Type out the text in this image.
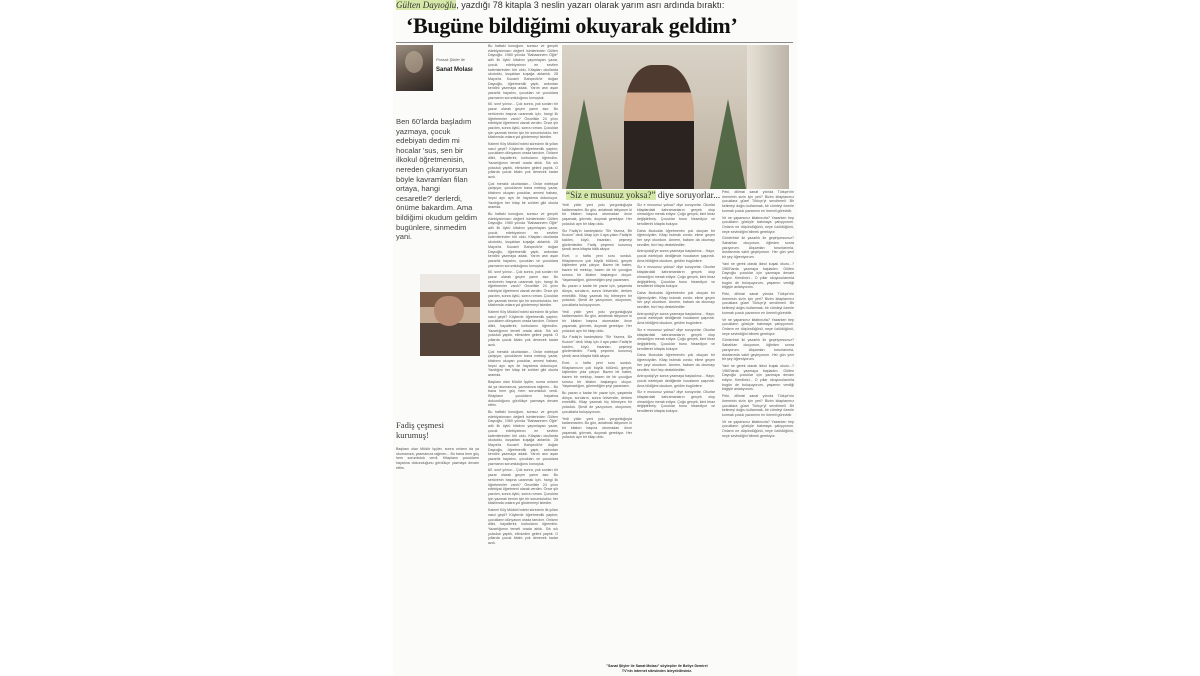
Gülten Dayıoğlu, yazdığı 78 kitapla 3 neslin yazarı olarak yarım asrı ardında bıraktı:
‘Bugüne bildiğimi okuyarak geldim’
Pomak Şiirler ile
Sanat Molası
Ben 60'larda başladım yazmaya, çocuk edebiyatı dedim mi hocalar 'sus, sen bir ilkokul öğretmenisin, nereden çıkarıyorsun böyle kavramları filan ortaya, hangi cesaretle?' derlerdi, önüme bakardım. Ama bildiğimi okudum geldim bugünlere, sinmedim yani.
Fadiş çeşmesi kurumuş!
Başkanı olan Müdür İşçiler, sonra onların da ya okumanıza, yazmanıza rağmen... Bu bana hem güç hem sorumluluk verdi. Kitapların çocukların hayatına dokunduğunu gördükçe yazmaya devam ettim.

Bu haftaki konuğum, sonsuz ve gerçek edebiyatımızın değerli isimlerinden Gülten Dayıoğlu. 1960 yılında "Babaannem Öğle" adlı ilk öykü kitabını yayımlayan yazar, çocuk edebiyatının en sevilen kalemlerinden biri oldu. Kitapları okullarda okutuldu, kuşaktan kuşağa aktarıldı. 28 Mayıs'ta Kocaeli Bahçecik'te doğan Dayıoğlu, öğretmenlik yaptı, ardından kendini yazmaya adadı. Yarım asrı aşan yazarlık hayatını, çocukları ve çocuklara yazmanın sorumluluğunu konuştuk.

60. sınıf yılınız... Çok sonra, yok sonları bir yazar olarak geçen yarım asır. Bu serüvenin başına uzanmak için, hangi ilk öğretmenler vardı? Öncelikle 24 yılını edebiyat öğretmeni olarak verdim. Önce şiir yazdım, sonra öykü, sonra roman. Çocuklar için yazmak benim için bir sorumluluktu; her kitabımda onlara yol göstermeyi istedim.

Kalemi Köy Müdürü'ndeki sürecinin ilk yılları nasıl geçti? Köylerde öğretmenlik yaptım; çocukların dünyasını orada tanıdım. Onların dilini, hayallerini, korkularını öğrendim. Yazarlığımın temeli orada atıldı. Sık sık yolculuk yaptık, elimizden geleni yaptık. O yıllarda çocuk kitabı yok denecek kadar azdı.

Çok meraklı okurlardan... Onlar edebiyat çalışıyor, çocuklarım bana mektup yazar, kitabımı okuyan çocuklar, annesi babası, hepsi ayrı ayrı ile hayatıma dokunuyor. Yazdığım her kitap bir sohbet gibi okurla aramda.

Bu haftaki konuğum, sonsuz ve gerçek edebiyatımızın değerli isimlerinden Gülten Dayıoğlu. 1960 yılında "Babaannem Öğle" adlı ilk öykü kitabını yayımlayan yazar, çocuk edebiyatının en sevilen kalemlerinden biri oldu. Kitapları okullarda okutuldu, kuşaktan kuşağa aktarıldı. 28 Mayıs'ta Kocaeli Bahçecik'te doğan Dayıoğlu, öğretmenlik yaptı, ardından kendini yazmaya adadı. Yarım asrı aşan yazarlık hayatını, çocukları ve çocuklara yazmanın sorumluluğunu konuştuk.

60. sınıf yılınız... Çok sonra, yok sonları bir yazar olarak geçen yarım asır. Bu serüvenin başına uzanmak için, hangi ilk öğretmenler vardı? Öncelikle 24 yılını edebiyat öğretmeni olarak verdim. Önce şiir yazdım, sonra öykü, sonra roman. Çocuklar için yazmak benim için bir sorumluluktu; her kitabımda onlara yol göstermeyi istedim.

Kalemi Köy Müdürü'ndeki sürecinin ilk yılları nasıl geçti? Köylerde öğretmenlik yaptım; çocukların dünyasını orada tanıdım. Onların dilini, hayallerini, korkularını öğrendim. Yazarlığımın temeli orada atıldı. Sık sık yolculuk yaptık, elimizden geleni yaptık. O yıllarda çocuk kitabı yok denecek kadar azdı.

Çok meraklı okurlardan... Onlar edebiyat çalışıyor, çocuklarım bana mektup yazar, kitabımı okuyan çocuklar, annesi babası, hepsi ayrı ayrı ile hayatıma dokunuyor. Yazdığım her kitap bir sohbet gibi okurla aramda.

Başkanı olan Müdür İşçiler, sonra onların da ya okumanıza, yazmanıza rağmen... Bu bana hem güç hem sorumluluk verdi. Kitapların çocukların hayatına dokunduğunu gördükçe yazmaya devam ettim.

Bu haftaki konuğum, sonsuz ve gerçek edebiyatımızın değerli isimlerinden Gülten Dayıoğlu. 1960 yılında "Babaannem Öğle" adlı ilk öykü kitabını yayımlayan yazar, çocuk edebiyatının en sevilen kalemlerinden biri oldu. Kitapları okullarda okutuldu, kuşaktan kuşağa aktarıldı. 28 Mayıs'ta Kocaeli Bahçecik'te doğan Dayıoğlu, öğretmenlik yaptı, ardından kendini yazmaya adadı. Yarım asrı aşan yazarlık hayatını, çocukları ve çocuklara yazmanın sorumluluğunu konuştuk.

60. sınıf yılınız... Çok sonra, yok sonları bir yazar olarak geçen yarım asır. Bu serüvenin başına uzanmak için, hangi ilk öğretmenler vardı? Öncelikle 24 yılını edebiyat öğretmeni olarak verdim. Önce şiir yazdım, sonra öykü, sonra roman. Çocuklar için yazmak benim için bir sorumluluktu; her kitabımda onlara yol göstermeyi istedim.

Kalemi Köy Müdürü'ndeki sürecinin ilk yılları nasıl geçti? Köylerde öğretmenlik yaptım; çocukların dünyasını orada tanıdım. Onların dilini, hayallerini, korkularını öğrendim. Yazarlığımın temeli orada atıldı. Sık sık yolculuk yaptık, elimizden geleni yaptık. O yıllarda çocuk kitabı yok denecek kadar azdı.

“Siz e musunuz yoksa?” diye soruyorlar...

Yedi yıldır yeni yolu yorgunluğuyla katlanmadım. Bu gün, anlatmak istiyorum ki bir kitabın başına oturmadan önce yaşamak, görmek, duymak gerekiyor. Her yolculuk ayrı bir kitap oldu.

Siz Fadiş'in kardeşisiniz "Bir Yazma, Bir Kuzum" dedi, kitap için 4 aya yakın Fadiş'te kaldım, köyü, insanları, çeşmeyi gözlemledim. Fadiş çeşmesi kurumuş şimdi; ama kitapta hâlâ akıyor.

Evet, o hafta yeni soru sorduk. Kitaplarınızın çok büyük bölümü, gerçek kişilerden yola çıkıyor. Bazen bir haber, bazen bir mektup, bazen de bir çocuğun sorusu bir kitabın başlangıcı oluyor. Yaşamadığım, görmediğim şeyi yazamam.

Bu yazan o kadar bir yazar için, yaşamda dünya, soruların, sonra üniversite, derken emeklilik. Kitap yazmak hiç bitmeyen bir yolculuk. Şimdi de yazıyorum, okuyorum, çocuklarla buluşuyorum.

Yedi yıldır yeni yolu yorgunluğuyla katlanmadım. Bu gün, anlatmak istiyorum ki bir kitabın başına oturmadan önce yaşamak, görmek, duymak gerekiyor. Her yolculuk ayrı bir kitap oldu.

Siz Fadiş'in kardeşisiniz "Bir Yazma, Bir Kuzum" dedi, kitap için 4 aya yakın Fadiş'te kaldım, köyü, insanları, çeşmeyi gözlemledim. Fadiş çeşmesi kurumuş şimdi; ama kitapta hâlâ akıyor.

Evet, o hafta yeni soru sorduk. Kitaplarınızın çok büyük bölümü, gerçek kişilerden yola çıkıyor. Bazen bir haber, bazen bir mektup, bazen de bir çocuğun sorusu bir kitabın başlangıcı oluyor. Yaşamadığım, görmediğim şeyi yazamam.

Bu yazan o kadar bir yazar için, yaşamda dünya, soruların, sonra üniversite, derken emeklilik. Kitap yazmak hiç bitmeyen bir yolculuk. Şimdi de yazıyorum, okuyorum, çocuklarla buluşuyorum.

Yedi yıldır yeni yolu yorgunluğuyla katlanmadım. Bu gün, anlatmak istiyorum ki bir kitabın başına oturmadan önce yaşamak, görmek, duymak gerekiyor. Her yolculuk ayrı bir kitap oldu.

Siz e musunuz yoksa? diye soruyorlar. Okurlar kitaplardaki kahramanların gerçek olup olmadığını merak ediyor. Çoğu gerçek, kimi biraz değiştirilmiş. Çocuklar bunu hissediyor ve kendilerini kitapta buluyor.

Daha ilkokulda öğretmenim çok okuyan bir öğrenciydim. Kitap bulmak zordu; elime geçen her şeyi okurdum. Annem, babam da okumayı sevdiler, bizi hep desteklediler.

Antropoloji'ye sonra yazmaya başladınız... Hayır, çocuk edebiyatı dediğimde hocalarım şaşırırdı. Ama bildiğimi okudum, geldim bugünlere.

Siz e musunuz yoksa? diye soruyorlar. Okurlar kitaplardaki kahramanların gerçek olup olmadığını merak ediyor. Çoğu gerçek, kimi biraz değiştirilmiş. Çocuklar bunu hissediyor ve kendilerini kitapta buluyor.

Daha ilkokulda öğretmenim çok okuyan bir öğrenciydim. Kitap bulmak zordu; elime geçen her şeyi okurdum. Annem, babam da okumayı sevdiler, bizi hep desteklediler.

Antropoloji'ye sonra yazmaya başladınız... Hayır, çocuk edebiyatı dediğimde hocalarım şaşırırdı. Ama bildiğimi okudum, geldim bugünlere.

Siz e musunuz yoksa? diye soruyorlar. Okurlar kitaplardaki kahramanların gerçek olup olmadığını merak ediyor. Çoğu gerçek, kimi biraz değiştirilmiş. Çocuklar bunu hissediyor ve kendilerini kitapta buluyor.

Daha ilkokulda öğretmenim çok okuyan bir öğrenciydim. Kitap bulmak zordu; elime geçen her şeyi okurdum. Annem, babam da okumayı sevdiler, bizi hep desteklediler.

Antropoloji'ye sonra yazmaya başladınız... Hayır, çocuk edebiyatı dediğimde hocalarım şaşırırdı. Ama bildiğimi okudum, geldim bugünlere.

Siz e musunuz yoksa? diye soruyorlar. Okurlar kitaplardaki kahramanların gerçek olup olmadığını merak ediyor. Çoğu gerçek, kimi biraz değiştirilmiş. Çocuklar bunu hissediyor ve kendilerini kitapta buluyor.

Peki, dilimizi sanat yılında Türkçe'nin öneminin sizin için yeri? Bizim kitaplarımız çocuklara güzel Türkçe'yi sevdirmeli. Bir kelimeyi doğru kullanmak, bir cümleyi özenle kurmak çocuk yazarının en önemli görevidir.

Ve ne yaparsınız kitabınızla? Yazarken hep çocukların gözüyle bakmaya çalışıyorum. Onların ne düşündüğünü, neye üzüldüğünü, neye sevindiğini bilmek gerekiyor.

Günlerinizi iki yazarlık ile geçiriyorsunuz? Sabahları okuyorum, öğleden sonra yazıyorum. Akşamları torunlarımla, dostlarımla vakit geçiriyorum. Her gün yeni bir şey öğreniyorum.

Yani ne gerek olarak ikinci kuşak okuru...? 1960'larda yazmaya başladım. Gülten Dayıoğlu çocuklar için yazmaya devam ediyor. Kendinizi... O yıllar okuyucularımla bugün de buluşuyorum, yaşamın verdiği bilgiyle anlatıyorum.

Peki, dilimizi sanat yılında Türkçe'nin öneminin sizin için yeri? Bizim kitaplarımız çocuklara güzel Türkçe'yi sevdirmeli. Bir kelimeyi doğru kullanmak, bir cümleyi özenle kurmak çocuk yazarının en önemli görevidir.

Ve ne yaparsınız kitabınızla? Yazarken hep çocukların gözüyle bakmaya çalışıyorum. Onların ne düşündüğünü, neye üzüldüğünü, neye sevindiğini bilmek gerekiyor.

Günlerinizi iki yazarlık ile geçiriyorsunuz? Sabahları okuyorum, öğleden sonra yazıyorum. Akşamları torunlarımla, dostlarımla vakit geçiriyorum. Her gün yeni bir şey öğreniyorum.

Yani ne gerek olarak ikinci kuşak okuru...? 1960'larda yazmaya başladım. Gülten Dayıoğlu çocuklar için yazmaya devam ediyor. Kendinizi... O yıllar okuyucularımla bugün de buluşuyorum, yaşamın verdiği bilgiyle anlatıyorum.

Peki, dilimizi sanat yılında Türkçe'nin öneminin sizin için yeri? Bizim kitaplarımız çocuklara güzel Türkçe'yi sevdirmeli. Bir kelimeyi doğru kullanmak, bir cümleyi özenle kurmak çocuk yazarının en önemli görevidir.

Ve ne yaparsınız kitabınızla? Yazarken hep çocukların gözüyle bakmaya çalışıyorum. Onların ne düşündüğünü, neye üzüldüğünü, neye sevindiğini bilmek gerekiyor.

"Sanat Şiiyler ile Sanat Molası" söyleşiler ile Beliye Demirel TV'nin internet sitesinden izleyebilirsiniz.
